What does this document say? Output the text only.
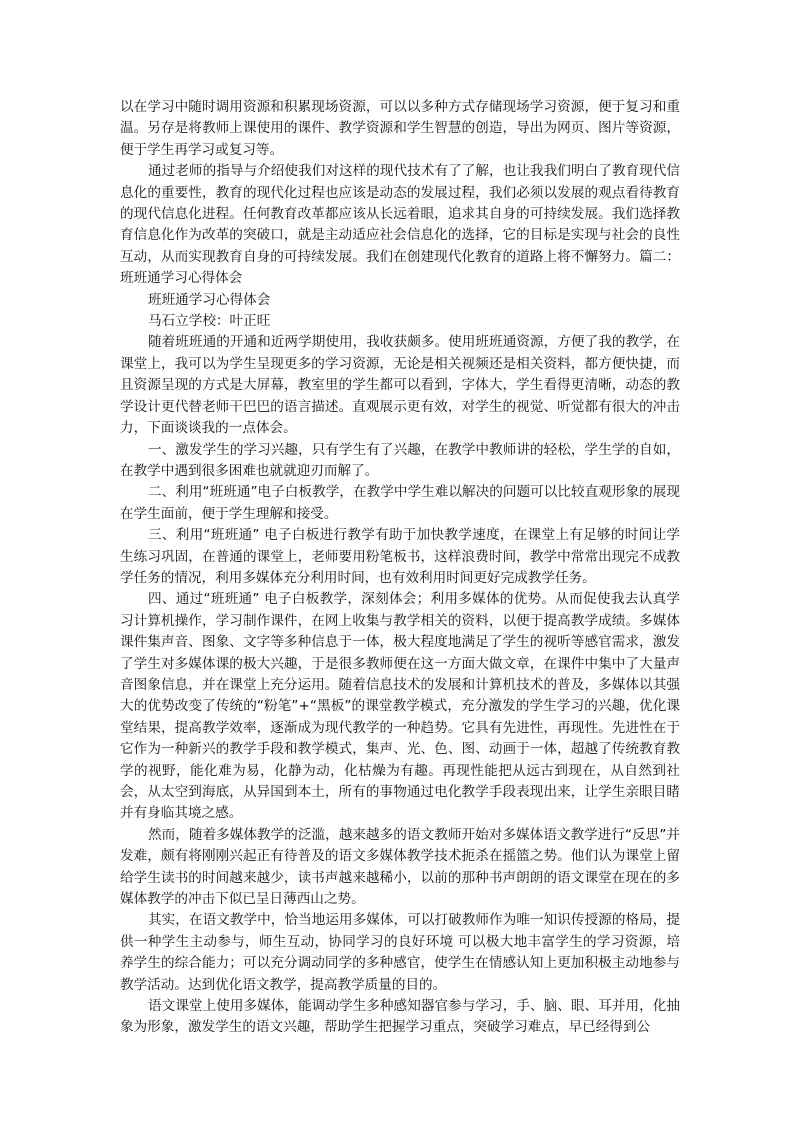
以在学习中随时调用资源和积累现场资源，可以以多种方式存储现场学习资源，便于复习和重温。另存是将教师上课使用的课件、教学资源和学生智慧的创造，导出为网页、图片等资源，便于学生再学习或复习等。

通过老师的指导与介绍使我们对这样的现代技术有了了解，也让我我们明白了教育现代信息化的重要性，教育的现代化过程也应该是动态的发展过程，我们必须以发展的观点看待教育的现代信息化进程。任何教育改革都应该从长远着眼，追求其自身的可持续发展。我们选择教育信息化作为改革的突破口，就是主动适应社会信息化的选择，它的目标是实现与社会的良性互动，从而实现教育自身的可持续发展。我们在创建现代化教育的道路上将不懈努力。篇二：班班通学习心得体会

班班通学习心得体会

马石立学校：叶正旺

随着班班通的开通和近两学期使用，我收获颇多。使用班班通资源，方便了我的教学，在课堂上，我可以为学生呈现更多的学习资源，无论是相关视频还是相关资料，都方便快捷，而且资源呈现的方式是大屏幕，教室里的学生都可以看到，字体大，学生看得更清晰，动态的教学设计更代替老师干巴巴的语言描述。直观展示更有效，对学生的视觉、听觉都有很大的冲击力，下面谈谈我的一点体会。

一、激发学生的学习兴趣，只有学生有了兴趣，在教学中教师讲的轻松，学生学的自如，在教学中遇到很多困难也就就迎刃而解了。

二、利用“班班通”电子白板教学，在教学中学生难以解决的问题可以比较直观形象的展现在学生面前，便于学生理解和接受。

三、利用“班班通” 电子白板进行教学有助于加快教学速度，在课堂上有足够的时间让学生练习巩固，在普通的课堂上，老师要用粉笔板书，这样浪费时间，教学中常常出现完不成教学任务的情况，利用多媒体充分利用时间，也有效利用时间更好完成教学任务。

四、通过“班班通” 电子白板教学，深刻体会；利用多媒体的优势。从而促使我去认真学习计算机操作，学习制作课件，在网上收集与教学相关的资料，以便于提高教学成绩。多媒体课件集声音、图象、文字等多种信息于一体，极大程度地满足了学生的视听等感官需求，激发了学生对多媒体课的极大兴趣，于是很多教师便在这一方面大做文章，在课件中集中了大量声音图象信息，并在课堂上充分运用。随着信息技术的发展和计算机技术的普及，多媒体以其强大的优势改变了传统的“粉笔”+“黑板”的课堂教学模式，充分激发的学生学习的兴趣，优化课堂结果，提高教学效率，逐渐成为现代教学的一种趋势。它具有先进性，再现性。先进性在于它作为一种新兴的教学手段和教学模式，集声、光、色、图、动画于一体，超越了传统教育教学的视野，能化难为易，化静为动，化枯燥为有趣。再现性能把从远古到现在，从自然到社会，从太空到海底，从异国到本土，所有的事物通过电化教学手段表现出来，让学生亲眼目睹并有身临其境之感。

然而，随着多媒体教学的泛滥，越来越多的语文教师开始对多媒体语文教学进行“反思”并发难，颇有将刚刚兴起正有待普及的语文多媒体教学技术扼杀在摇篮之势。他们认为课堂上留给学生读书的时间越来越少，读书声越来越稀小，以前的那种书声朗朗的语文课堂在现在的多媒体教学的冲击下似已呈日薄西山之势。

其实，在语文教学中，恰当地运用多媒体，可以打破教师作为唯一知识传授源的格局，提供一种学生主动参与，师生互动，协同学习的良好环境 可以极大地丰富学生的学习资源，培养学生的综合能力；可以充分调动同学的多种感官，使学生在情感认知上更加积极主动地参与教学活动。达到优化语文教学，提高教学质量的目的。

语文课堂上使用多媒体，能调动学生多种感知器官参与学习，手、脑、眼、耳并用，化抽象为形象，激发学生的语文兴趣，帮助学生把握学习重点，突破学习难点，早已经得到公
